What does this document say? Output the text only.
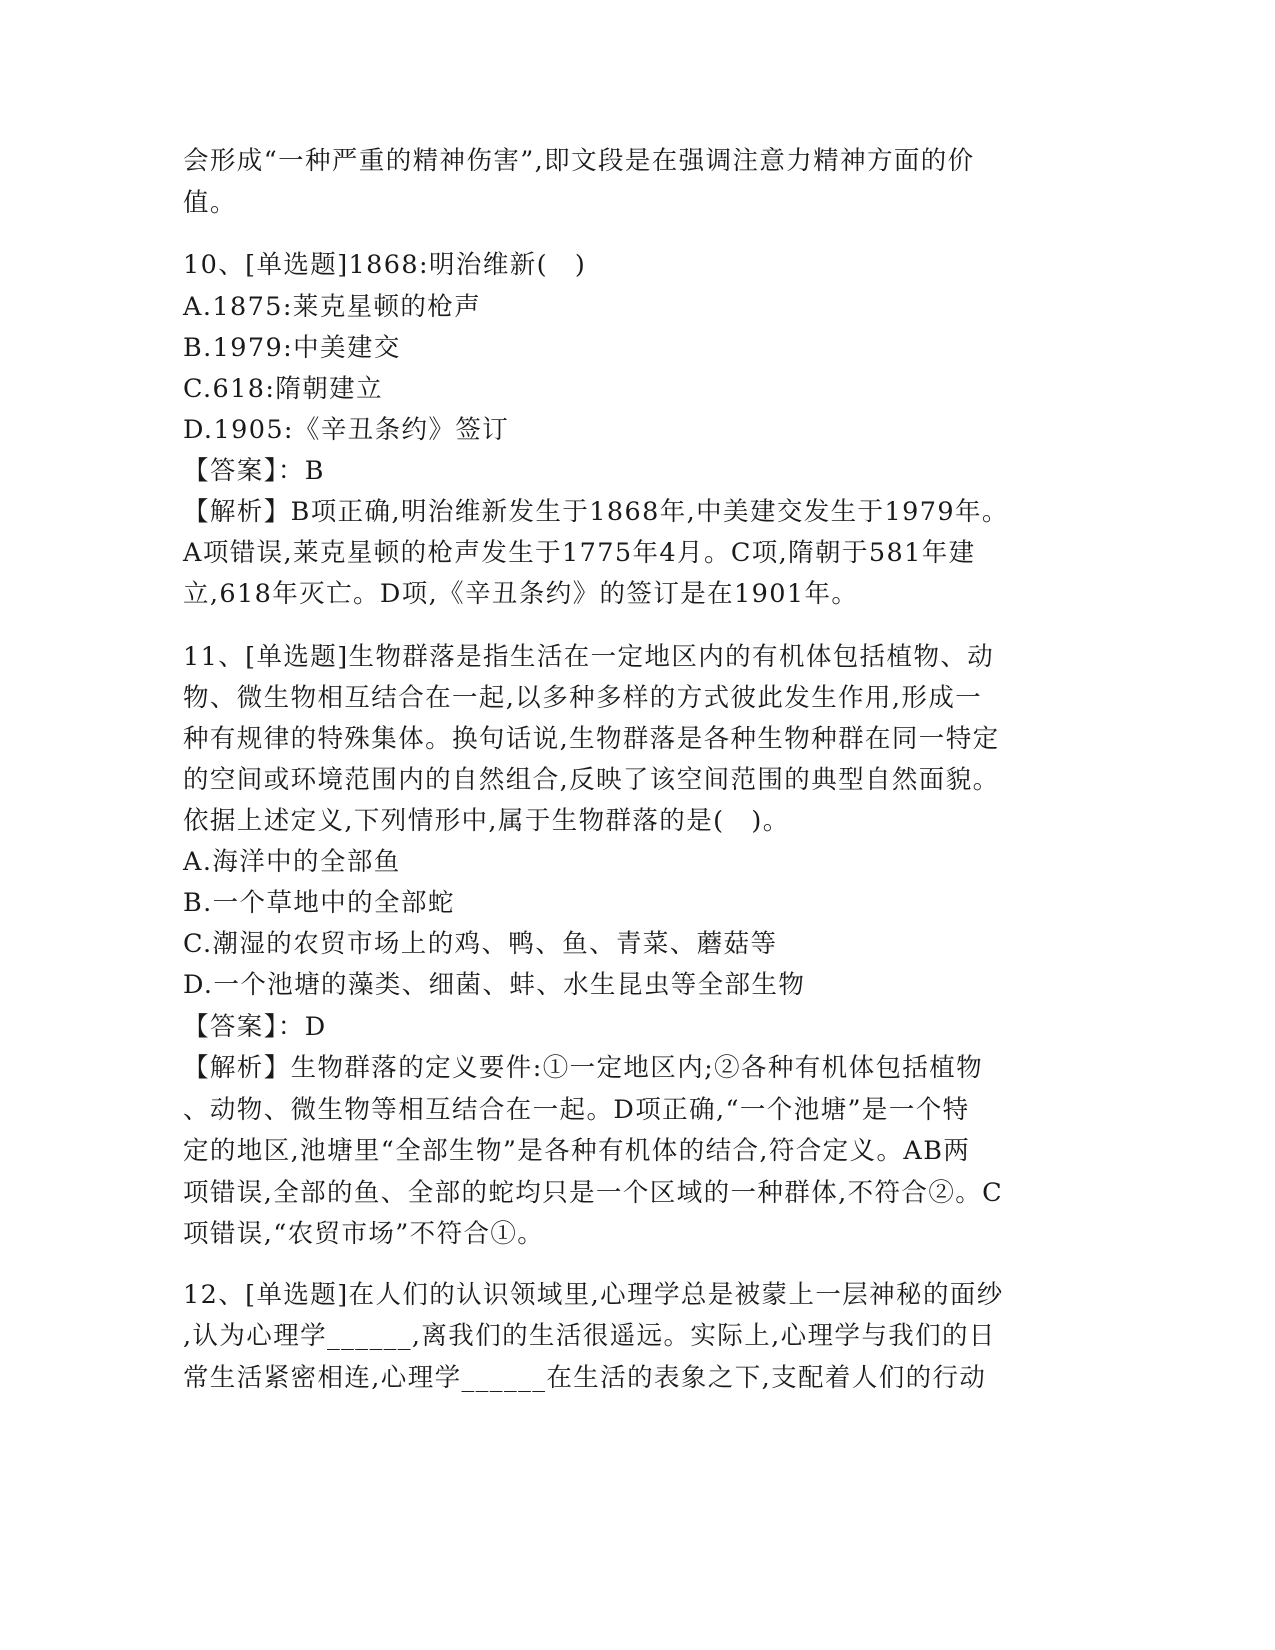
会形成“一种严重的精神伤害”,即文段是在强调注意力精神方面的价
值。
10、[单选题]1868:明治维新(　)
A.1875:莱克星顿的枪声
B.1979:中美建交
C.618:隋朝建立
D.1905:《辛丑条约》签订
【答案】：B
【解析】B项正确,明治维新发生于1868年,中美建交发生于1979年。
A项错误,莱克星顿的枪声发生于1775年4月。C项,隋朝于581年建
立,618年灭亡。D项,《辛丑条约》的签订是在1901年。
11、[单选题]生物群落是指生活在一定地区内的有机体包括植物、动
物、微生物相互结合在一起,以多种多样的方式彼此发生作用,形成一
种有规律的特殊集体。换句话说,生物群落是各种生物种群在同一特定
的空间或环境范围内的自然组合,反映了该空间范围的典型自然面貌。
依据上述定义,下列情形中,属于生物群落的是(　)。
A.海洋中的全部鱼
B.一个草地中的全部蛇
C.潮湿的农贸市场上的鸡、鸭、鱼、青菜、蘑菇等
D.一个池塘的藻类、细菌、蚌、水生昆虫等全部生物
【答案】：D
【解析】生物群落的定义要件:①一定地区内;②各种有机体包括植物
、动物、微生物等相互结合在一起。D项正确,“一个池塘”是一个特
定的地区,池塘里“全部生物”是各种有机体的结合,符合定义。AB两
项错误,全部的鱼、全部的蛇均只是一个区域的一种群体,不符合②。C
项错误,“农贸市场”不符合①。
12、[单选题]在人们的认识领域里,心理学总是被蒙上一层神秘的面纱
,认为心理学______,离我们的生活很遥远。实际上,心理学与我们的日
常生活紧密相连,心理学______在生活的表象之下,支配着人们的行动
